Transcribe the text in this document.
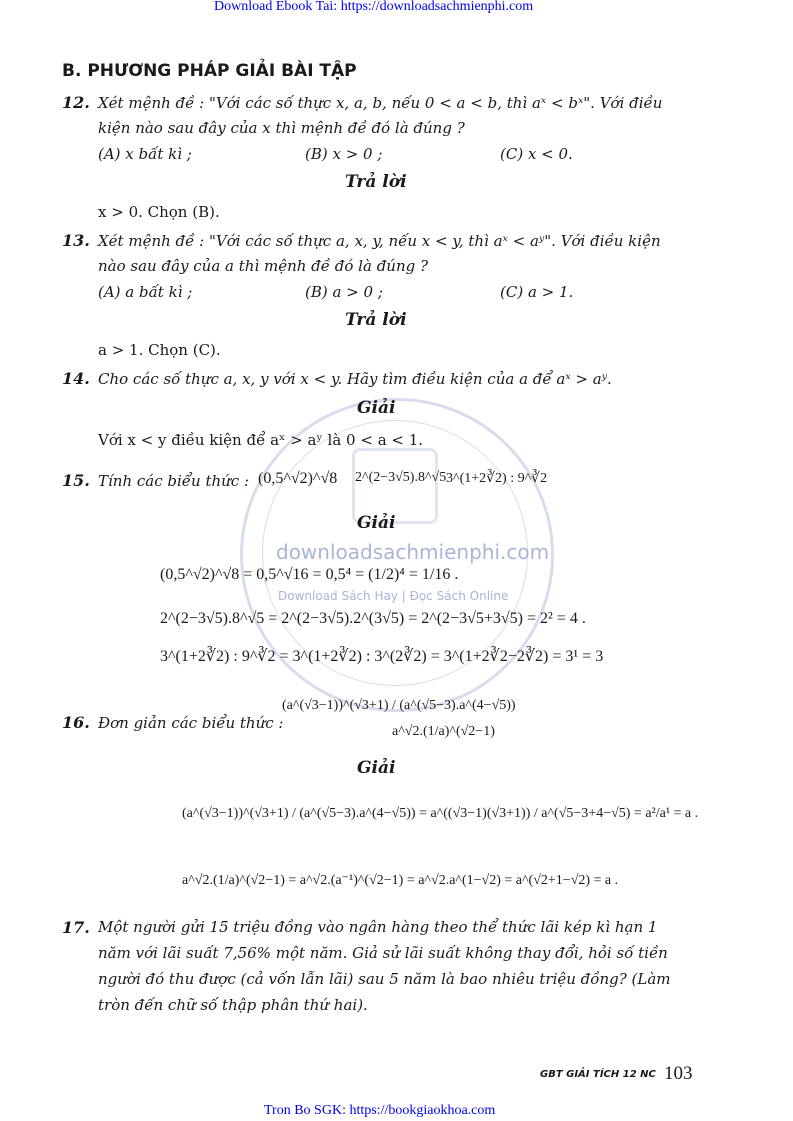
Download Ebook Tai: https://downloadsachmienphi.com
downloadsachmienphi.com
Download Sách Hay | Đọc Sách Online
B. PHƯƠNG PHÁP GIẢI BÀI TẬP
12. Xét mệnh đề : "Với các số thực x, a, b, nếu 0 < a < b, thì aˣ < bˣ". Với điều
kiện nào sau đây của x thì mệnh đề đó là đúng ?
(A) x bất kì ;	(B) x > 0 ;	(C) x < 0.
Trả lời
x > 0. Chọn (B).
13. Xét mệnh đề : "Với các số thực a, x, y, nếu x < y, thì aˣ < aʸ". Với điều kiện
nào sau đây của a thì mệnh đề đó là đúng ?
(A) a bất kì ;	(B) a > 0 ;	(C) a > 1.
Trả lời
a > 1. Chọn (C).
14. Cho các số thực a, x, y với x < y. Hãy tìm điều kiện của a để aˣ > aʸ.
Giải
Với x < y điều kiện để aˣ > aʸ là 0 < a < 1.
15. Tính các biểu thức : (0,5^√2)^√8 2^(2−3√5).8^√5 3^(1+2∛2) : 9^∛2
Giải
(0,5^√2)^√8 = 0,5^√16 = 0,5⁴ = (1/2)⁴ = 1/16 .
2^(2−3√5).8^√5 = 2^(2−3√5).2^(3√5) = 2^(2−3√5+3√5) = 2² = 4 .
3^(1+2∛2) : 9^∛2 = 3^(1+2∛2) : 3^(2∛2) = 3^(1+2∛2−2∛2) = 3¹ = 3
16. Đơn giản các biểu thức :
(a^(√3−1))^(√3+1) / (a^(√5−3).a^(4−√5))
a^√2.(1/a)^(√2−1)
Giải
(a^(√3−1))^(√3+1) / (a^(√5−3).a^(4−√5)) = a^((√3−1)(√3+1)) / a^(√5−3+4−√5) = a²/a¹ = a .
a^√2.(1/a)^(√2−1) = a^√2.(a⁻¹)^(√2−1) = a^√2.a^(1−√2) = a^(√2+1−√2) = a .
17. Một người gửi 15 triệu đồng vào ngân hàng theo thể thức lãi kép kì hạn 1
năm với lãi suất 7,56% một năm. Giả sử lãi suất không thay đổi, hỏi số tiền
người đó thu được (cả vốn lẫn lãi) sau 5 năm là bao nhiêu triệu đồng? (Làm
tròn đến chữ số thập phân thứ hai).
GBT GIẢI TÍCH 12 NC 103
Tron Bo SGK: https://bookgiaokhoa.com
